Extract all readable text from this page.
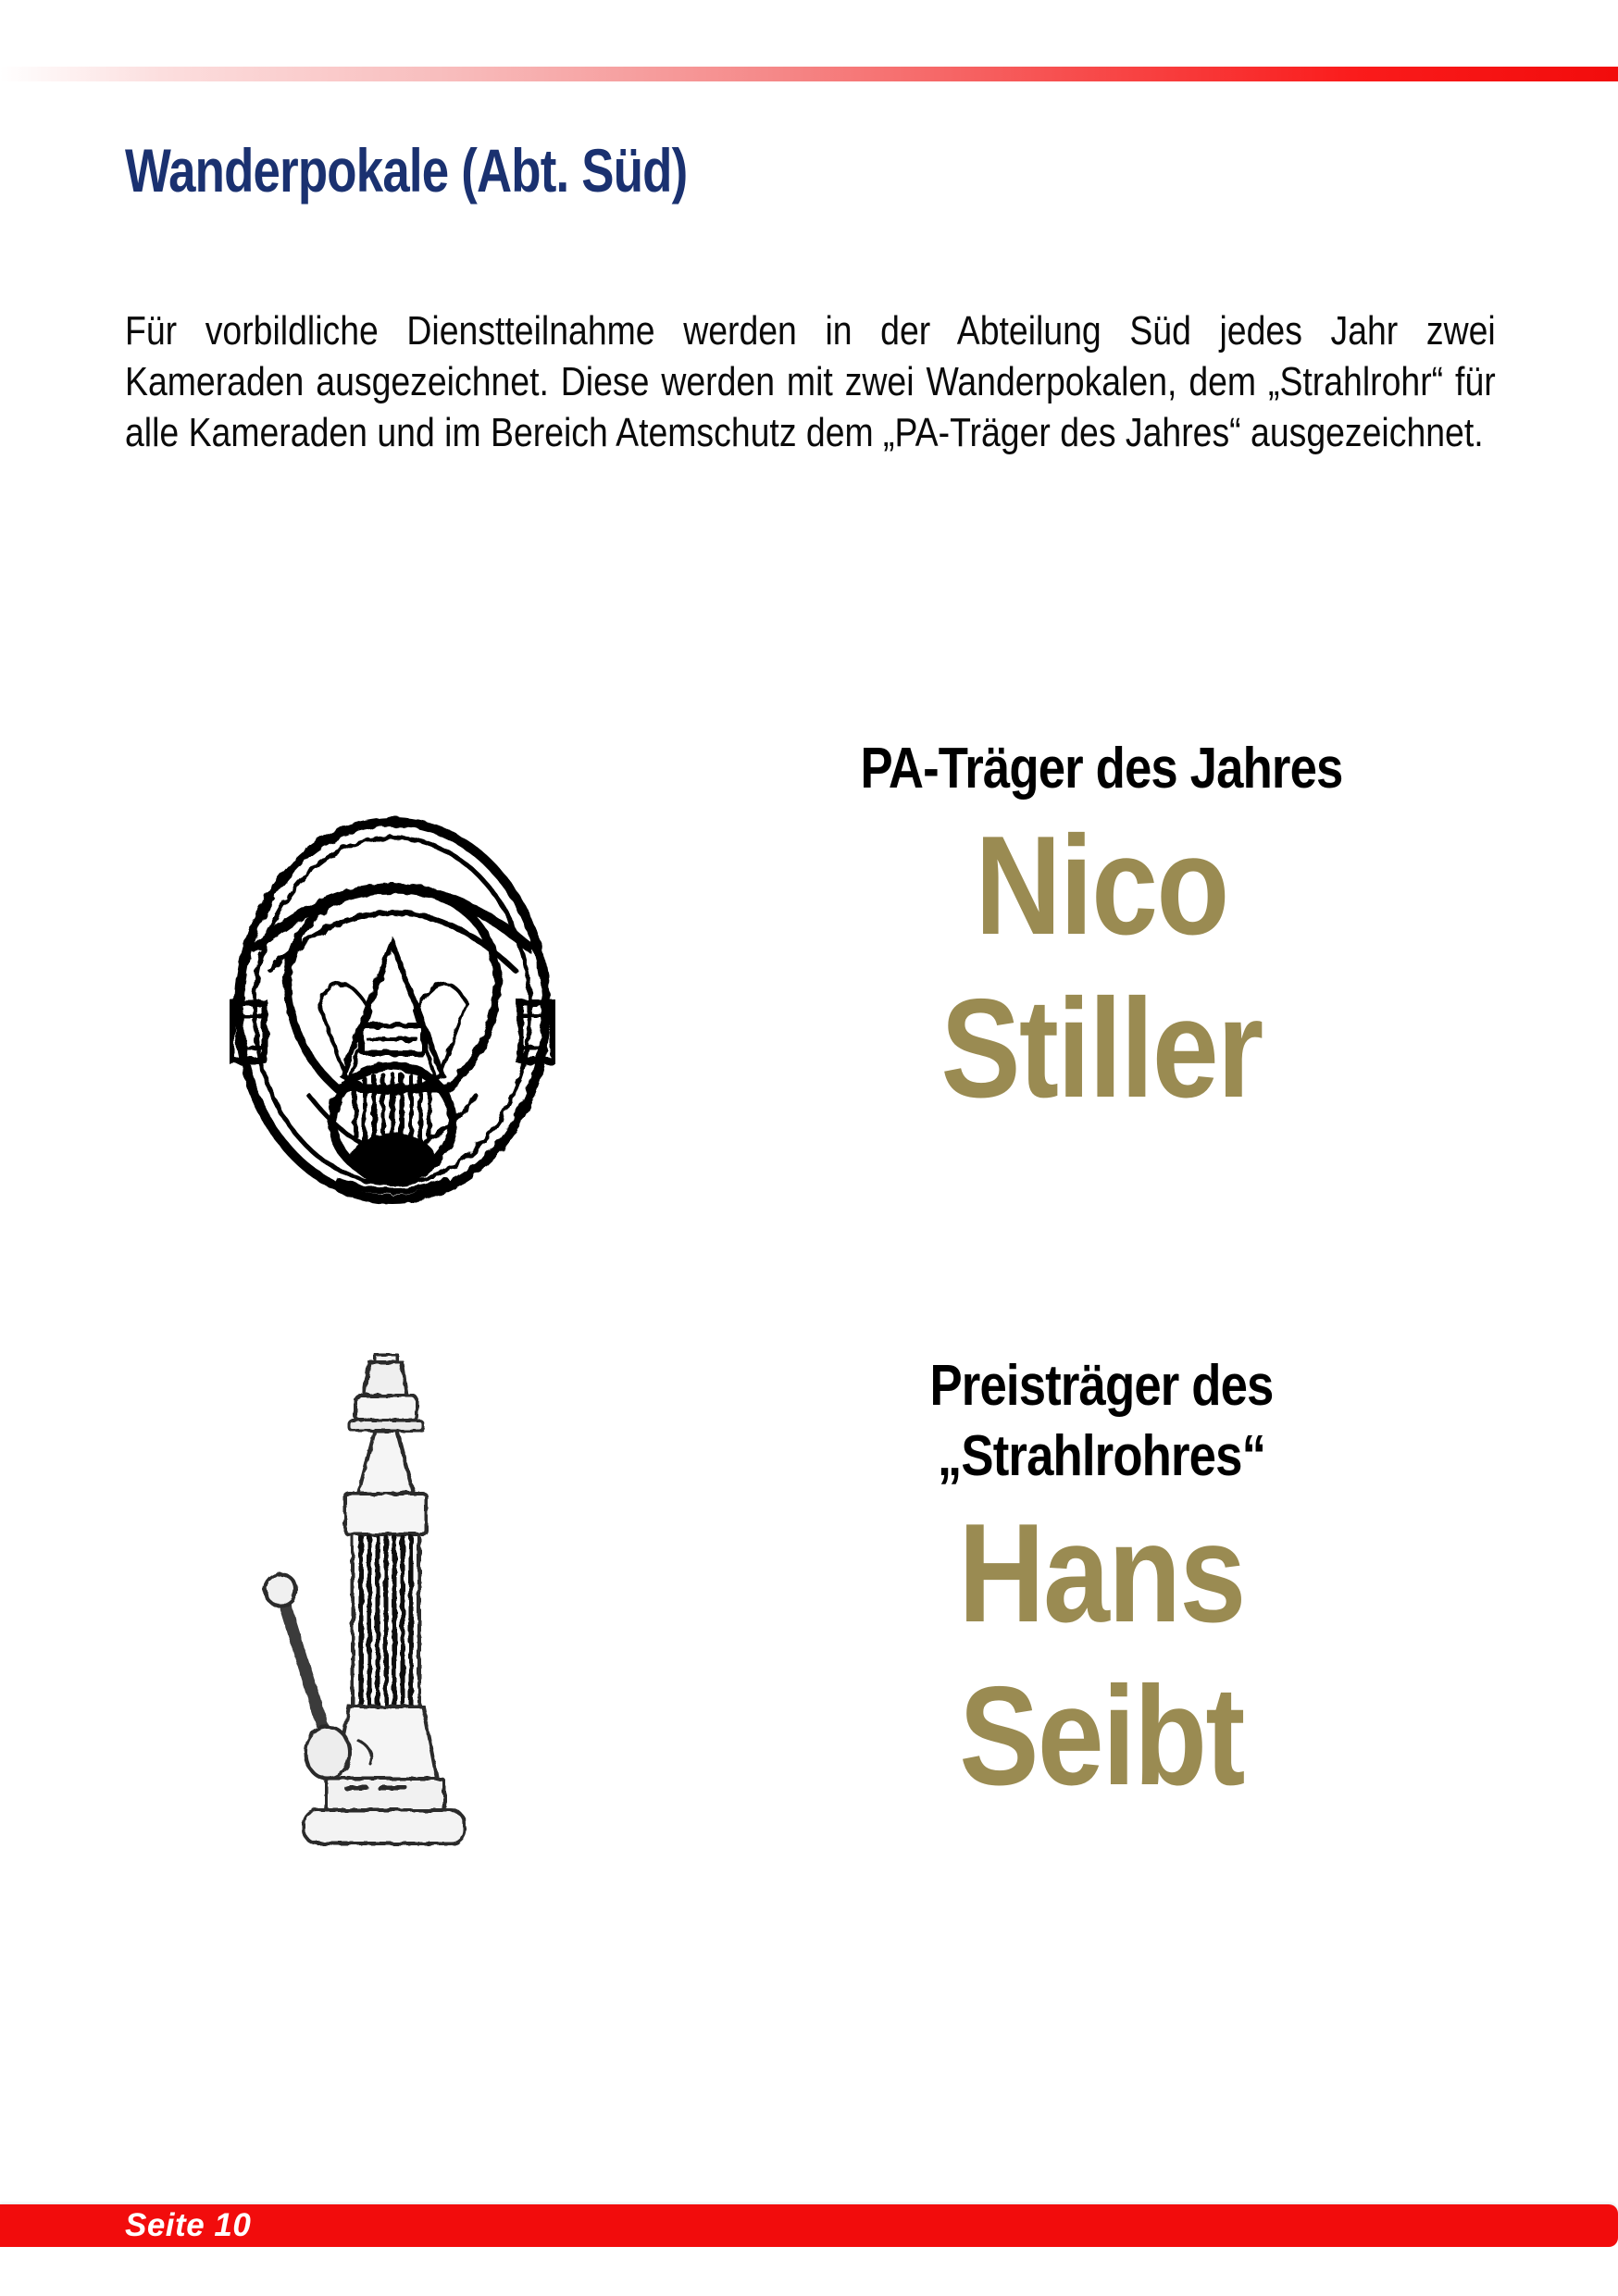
Wanderpokale (Abt. Süd)

Für vorbildliche Dienstteilnahme werden in der Abteilung Süd jedes Jahr zwei Kameraden ausgezeichnet. Diese werden mit zwei Wanderpokalen, dem „Strahlrohr“ für alle Kameraden und im Bereich Atemschutz dem „PA-Träger des Jahres“ ausgezeichnet.

PA-Träger des Jahres
Nico
Stiller
Preisträger des
„Strahlrohres“
Hans
Seibt
Seite 10
